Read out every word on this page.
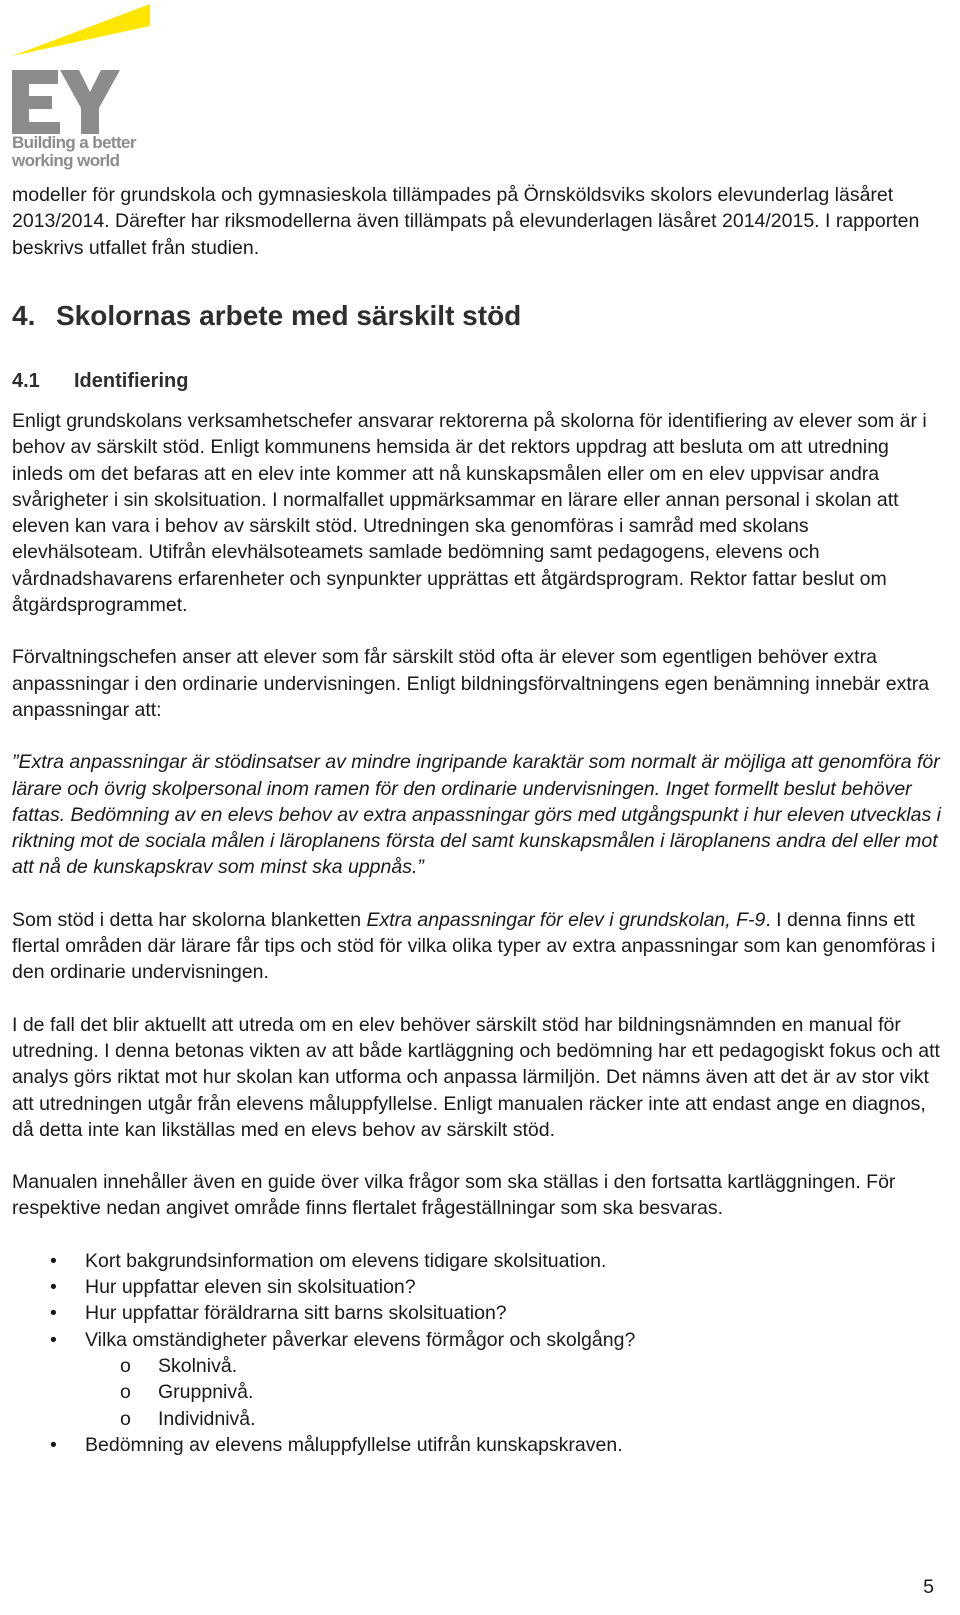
Building a better
working world

modeller för grundskola och gymnasieskola tillämpades på Örnsköldsviks skolors elevunderlag läsåret 2013/2014. Därefter har riksmodellerna även tillämpats på elevunderlagen läsåret 2014/2015. I rapporten beskrivs utfallet från studien.

4. Skolornas arbete med särskilt stöd
4.1 Identifiering

Enligt grundskolans verksamhetschefer ansvarar rektorerna på skolorna för identifiering av elever som är i behov av särskilt stöd. Enligt kommunens hemsida är det rektors uppdrag att besluta om att utredning inleds om det befaras att en elev inte kommer att nå kunskapsmålen eller om en elev uppvisar andra svårigheter i sin skolsituation. I normalfallet uppmärksammar en lärare eller annan personal i skolan att eleven kan vara i behov av särskilt stöd. Utredningen ska genomföras i samråd med skolans elevhälsoteam. Utifrån elevhälsoteamets samlade bedömning samt pedagogens, elevens och vårdnadshavarens erfarenheter och synpunkter upprättas ett åtgärdsprogram. Rektor fattar beslut om åtgärdsprogrammet.

Förvaltningschefen anser att elever som får särskilt stöd ofta är elever som egentligen behöver extra anpassningar i den ordinarie undervisningen. Enligt bildningsförvaltningens egen benämning innebär extra anpassningar att:

”Extra anpassningar är stödinsatser av mindre ingripande karaktär som normalt är möjliga att genomföra för lärare och övrig skolpersonal inom ramen för den ordinarie undervisningen. Inget formellt beslut behöver fattas. Bedömning av en elevs behov av extra anpassningar görs med utgångspunkt i hur eleven utvecklas i riktning mot de sociala målen i läroplanens första del samt kunskapsmålen i läroplanens andra del eller mot att nå de kunskapskrav som minst ska uppnås.”

Som stöd i detta har skolorna blanketten Extra anpassningar för elev i grundskolan, F-9. I denna finns ett flertal områden där lärare får tips och stöd för vilka olika typer av extra anpassningar som kan genomföras i den ordinarie undervisningen.

I de fall det blir aktuellt att utreda om en elev behöver särskilt stöd har bildningsnämnden en manual för utredning. I denna betonas vikten av att både kartläggning och bedömning har ett pedagogiskt fokus och att analys görs riktat mot hur skolan kan utforma och anpassa lärmiljön. Det nämns även att det är av stor vikt att utredningen utgår från elevens måluppfyllelse. Enligt manualen räcker inte att endast ange en diagnos, då detta inte kan likställas med en elevs behov av särskilt stöd.

Manualen innehåller även en guide över vilka frågor som ska ställas i den fortsatta kartläggningen. För respektive nedan angivet område finns flertalet frågeställningar som ska besvaras.

• Kort bakgrundsinformation om elevens tidigare skolsituation.
• Hur uppfattar eleven sin skolsituation?
• Hur uppfattar föräldrarna sitt barns skolsituation?
• Vilka omständigheter påverkar elevens förmågor och skolgång?
o Skolnivå.
o Gruppnivå.
o Individnivå.
• Bedömning av elevens måluppfyllelse utifrån kunskapskraven.
5
